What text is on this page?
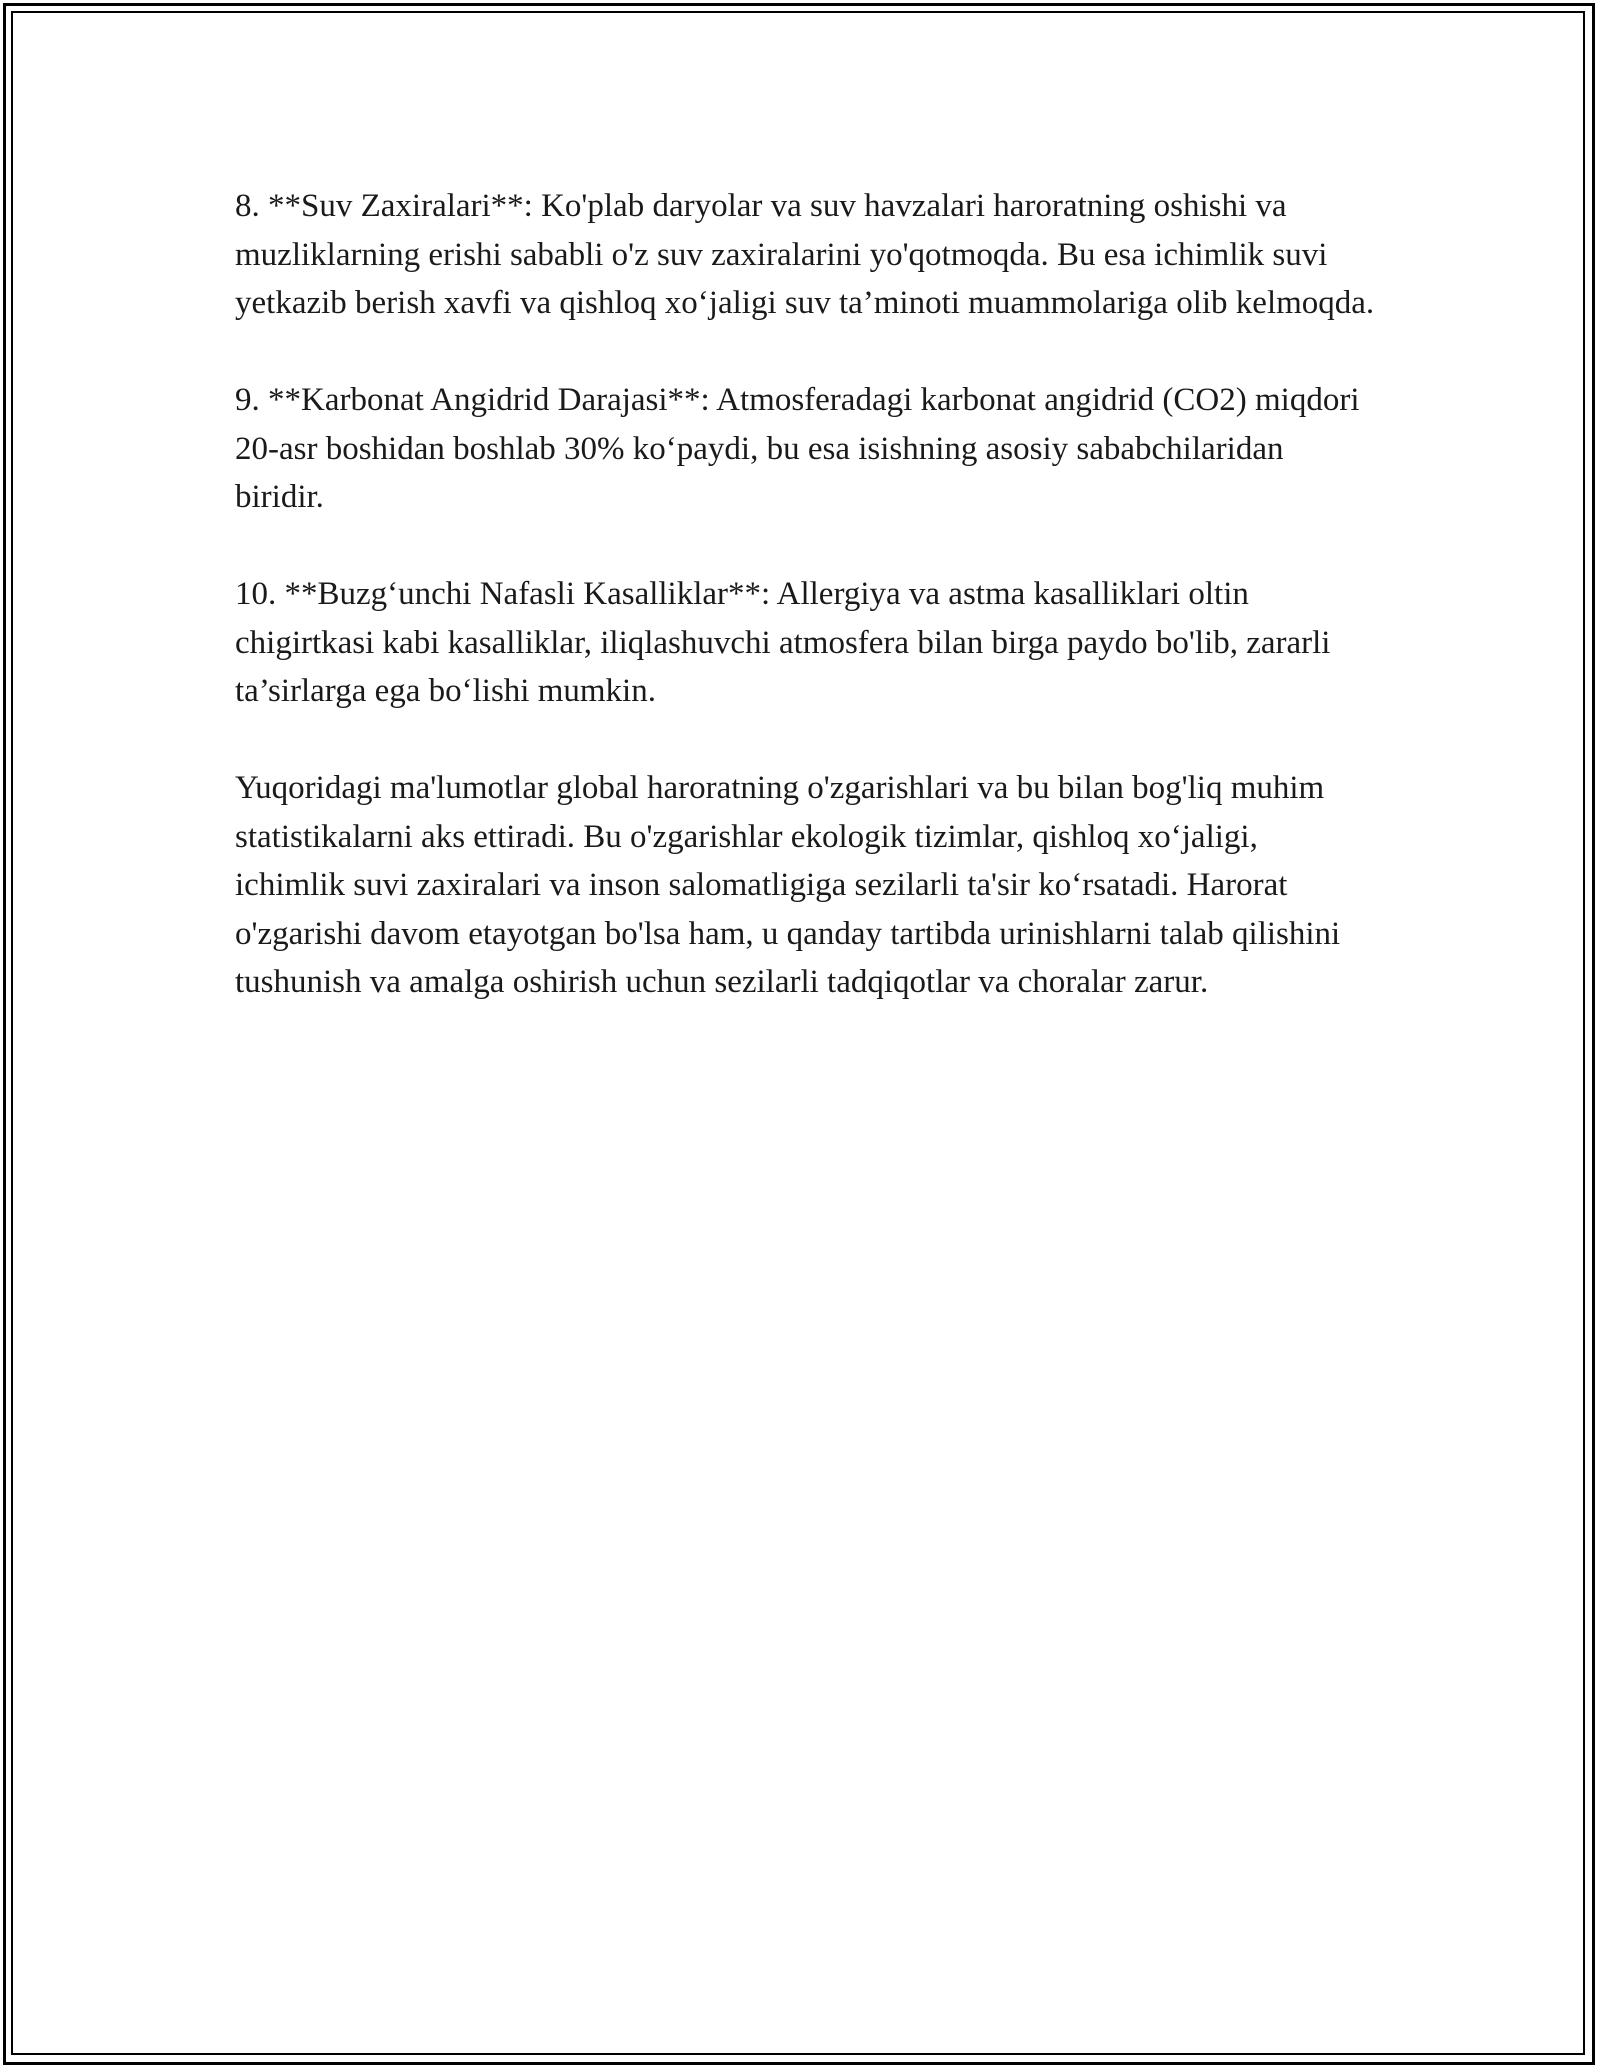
8. **Suv Zaxiralari**: Ko'plab daryolar va suv havzalari haroratning oshishi va muzliklarning erishi sababli o'z suv zaxiralarini yo'qotmoqda. Bu esa ichimlik suvi yetkazib berish xavfi va qishloq xo‘jaligi suv ta’minoti muammolariga olib kelmoqda.

9. **Karbonat Angidrid Darajasi**: Atmosferadagi karbonat angidrid (CO2) miqdori 20-asr boshidan boshlab 30% ko‘paydi, bu esa isishning asosiy sababchilaridan biridir.

10. **Buzg‘unchi Nafasli Kasalliklar**: Allergiya va astma kasalliklari oltin chigirtkasi kabi kasalliklar, iliqlashuvchi atmosfera bilan birga paydo bo'lib, zararli ta’sirlarga ega bo‘lishi mumkin.

Yuqoridagi ma'lumotlar global haroratning o'zgarishlari va bu bilan bog'liq muhim statistikalarni aks ettiradi. Bu o'zgarishlar ekologik tizimlar, qishloq xo‘jaligi, ichimlik suvi zaxiralari va inson salomatligiga sezilarli ta'sir ko‘rsatadi. Harorat o'zgarishi davom etayotgan bo'lsa ham, u qanday tartibda urinishlarni talab qilishini tushunish va amalga oshirish uchun sezilarli tadqiqotlar va choralar zarur.
